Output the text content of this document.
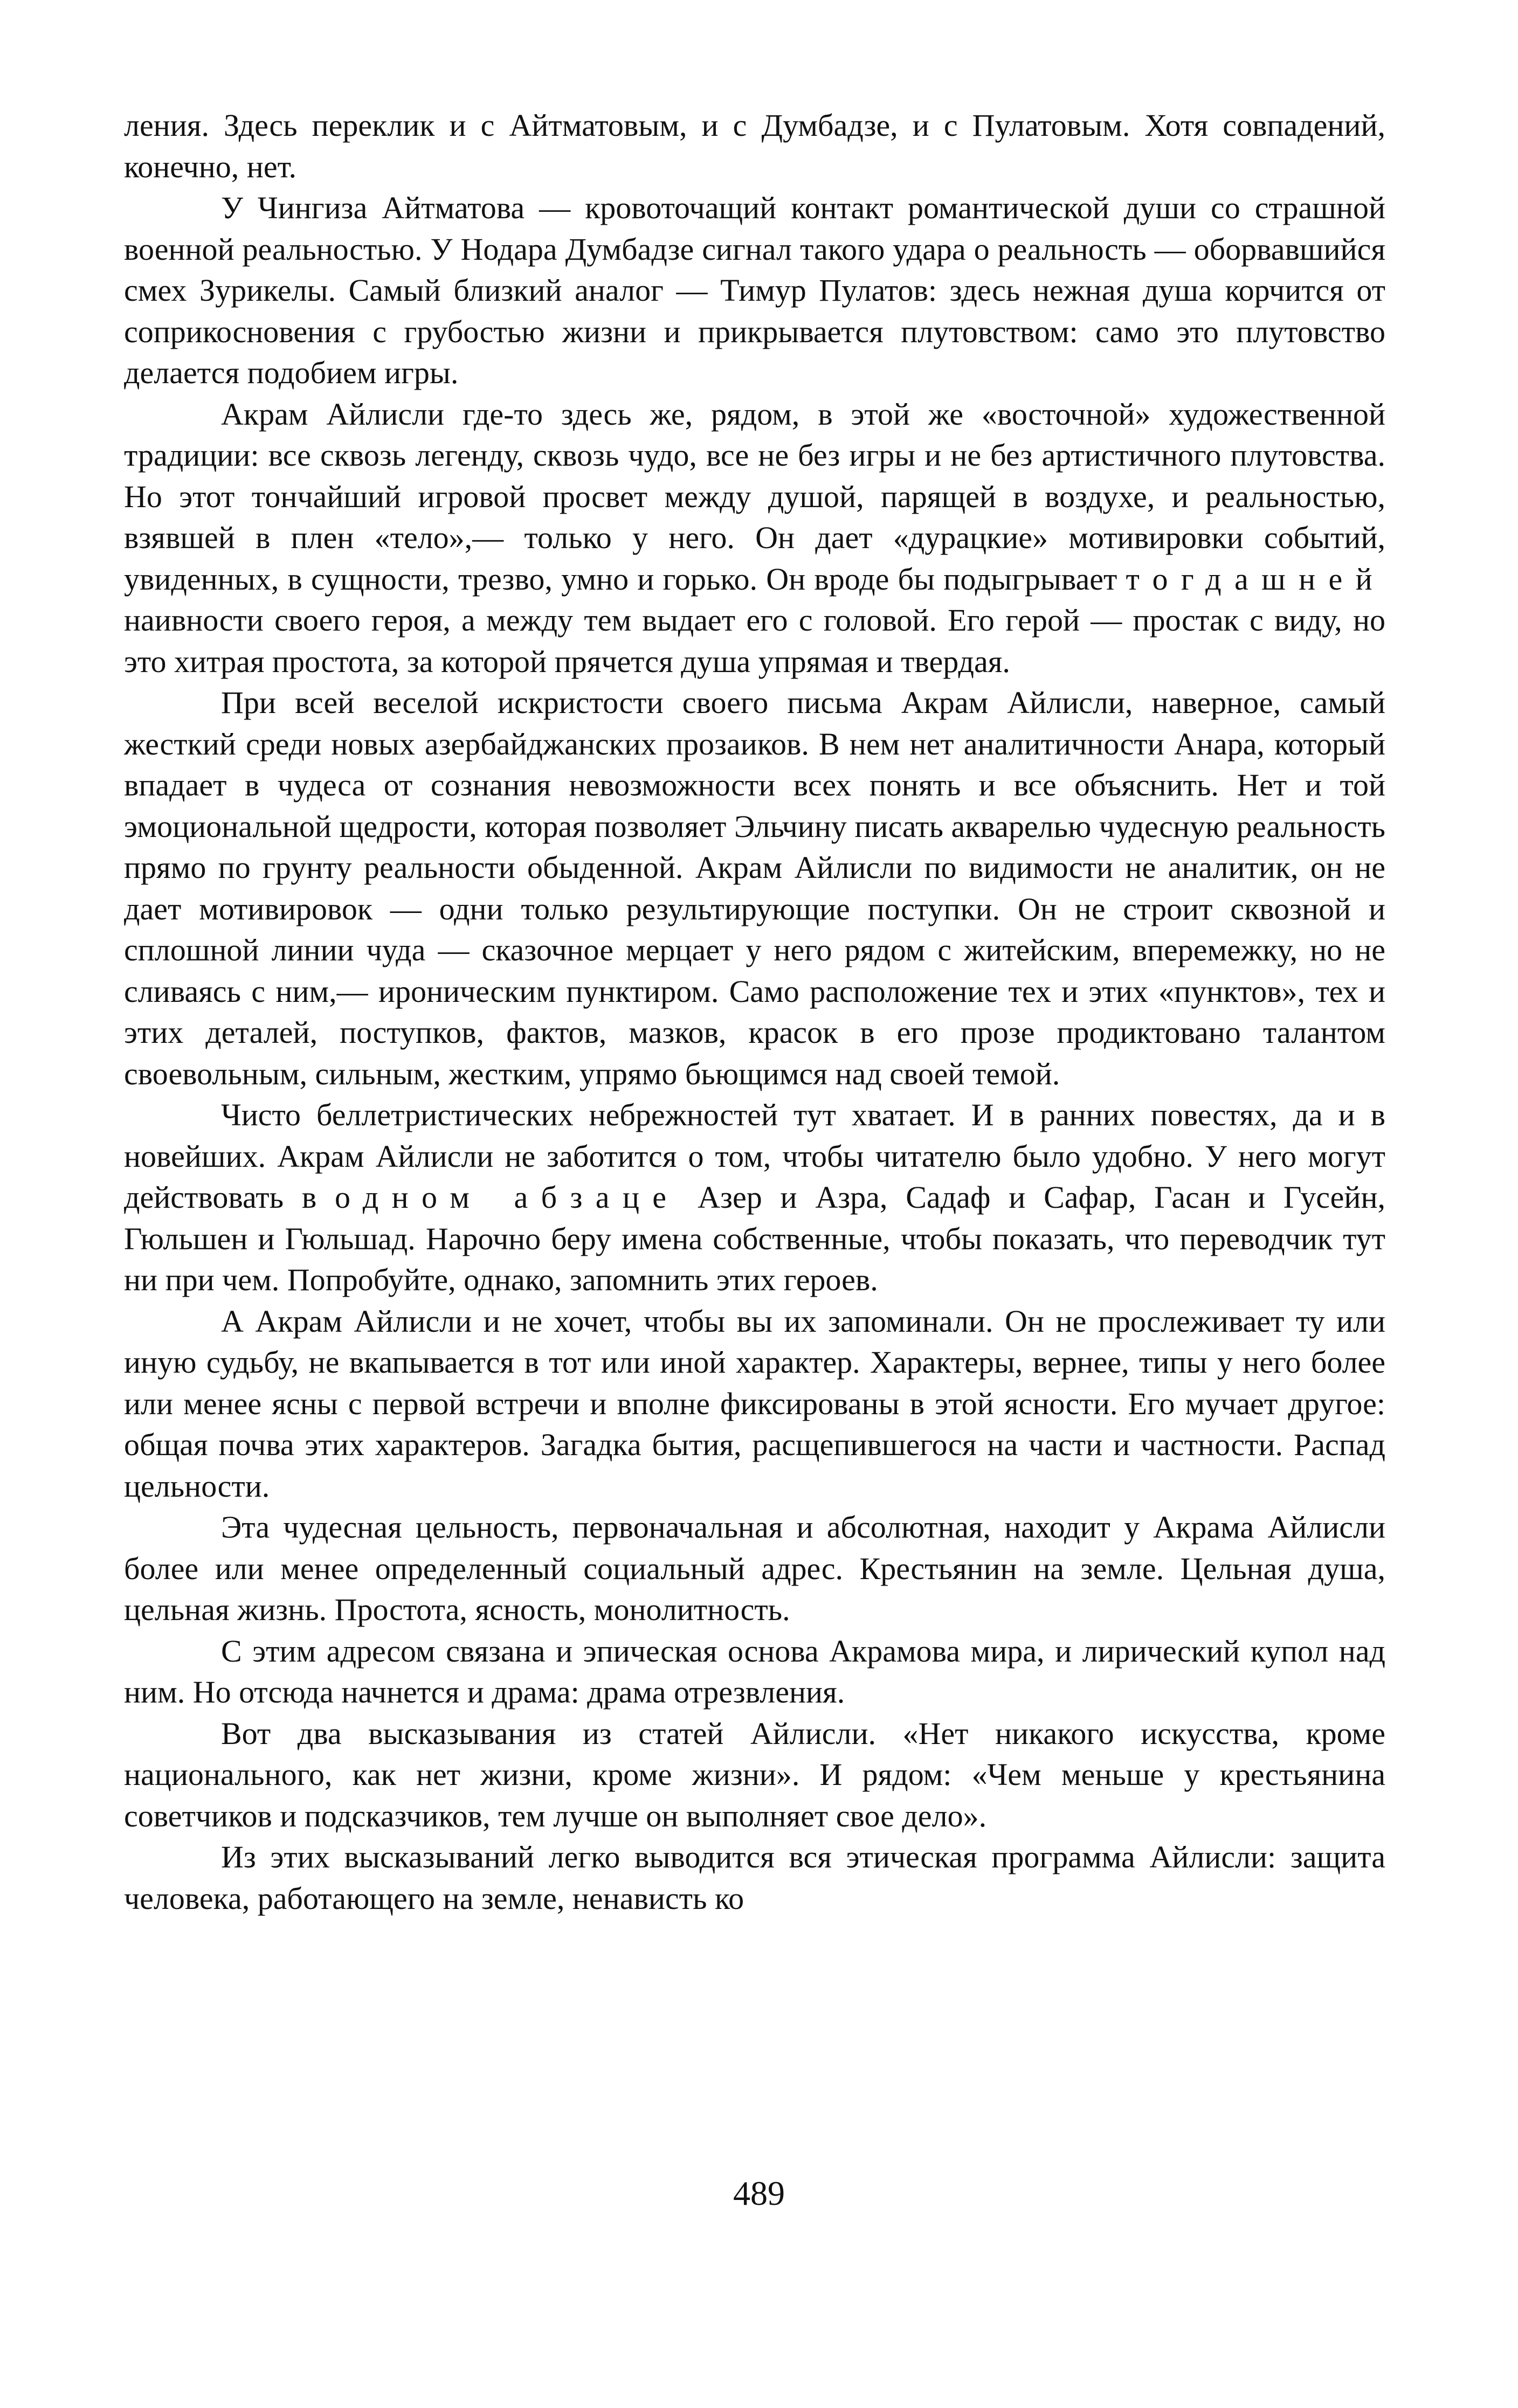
ления. Здесь переклик и с Айтматовым, и с Думбадзе, и с Пулатовым. Хотя совпадений, конечно, нет.

У Чингиза Айтматова — кровоточащий контакт романтической души со страшной военной реальностью. У Нодара Думбадзе сигнал такого удара о реальность — оборвавшийся смех Зурикелы. Самый близкий аналог — Тимур Пулатов: здесь нежная душа корчится от соприкосновения с грубостью жизни и прикрывается плутовством: само это плутовство делается подобием игры.

Акрам Айлисли где-то здесь же, рядом, в этой же «восточной» художественной традиции: все сквозь легенду, сквозь чудо, все не без игры и не без артистичного плутовства. Но этот тончайший игровой просвет между душой, парящей в воздухе, и реальностью, взявшей в плен «тело»,— только у него. Он дает «дурацкие» мотивировки событий, увиденных, в сущности, трезво, умно и горько. Он вроде бы подыгрывает тогдашней наивности своего героя, а между тем выдает его с головой. Его герой — простак с виду, но это хитрая простота, за которой прячется душа упрямая и твердая.

При всей веселой искристости своего письма Акрам Айлисли, наверное, самый жесткий среди новых азербайджанских прозаиков. В нем нет аналитичности Анара, который впадает в чудеса от сознания невозможности всех понять и все объяснить. Нет и той эмоциональной щедрости, которая позволяет Эльчину писать акварелью чудесную реальность прямо по грунту реальности обыденной. Акрам Айлисли по видимости не аналитик, он не дает мотивировок — одни только результирующие поступки. Он не строит сквозной и сплошной линии чуда — сказочное мерцает у него рядом с житейским, вперемежку, но не сливаясь с ним,— ироническим пунктиром. Само расположение тех и этих «пунктов», тех и этих деталей, поступков, фактов, мазков, красок в его прозе продиктовано талантом своевольным, сильным, жестким, упрямо бьющимся над своей темой.

Чисто беллетристических небрежностей тут хватает. И в ранних повестях, да и в новейших. Акрам Айлисли не заботится о том, чтобы читателю было удобно. У него могут действовать в одном абзаце Азер и Азра, Садаф и Сафар, Гасан и Гусейн, Гюльшен и Гюльшад. Нарочно беру имена собственные, чтобы показать, что переводчик тут ни при чем. Попробуйте, однако, запомнить этих героев.

А Акрам Айлисли и не хочет, чтобы вы их запоминали. Он не прослеживает ту или иную судьбу, не вкапывается в тот или иной характер. Характеры, вернее, типы у него более или менее ясны с первой встречи и вполне фиксированы в этой ясности. Его мучает другое: общая почва этих характеров. Загадка бытия, расщепившегося на части и частности. Распад цельности.

Эта чудесная цельность, первоначальная и абсолютная, находит у Акрама Айлисли более или менее определенный социальный адрес. Крестьянин на земле. Цельная душа, цельная жизнь. Простота, ясность, монолитность.

С этим адресом связана и эпическая основа Акрамова мира, и лирический купол над ним. Но отсюда начнется и драма: драма отрезвления.

Вот два высказывания из статей Айлисли. «Нет никакого искусства, кроме национального, как нет жизни, кроме жизни». И рядом: «Чем меньше у крестьянина советчиков и подсказчиков, тем лучше он выполняет свое дело».

Из этих высказываний легко выводится вся этическая программа Айлисли: защита человека, работающего на земле, ненависть ко

489
